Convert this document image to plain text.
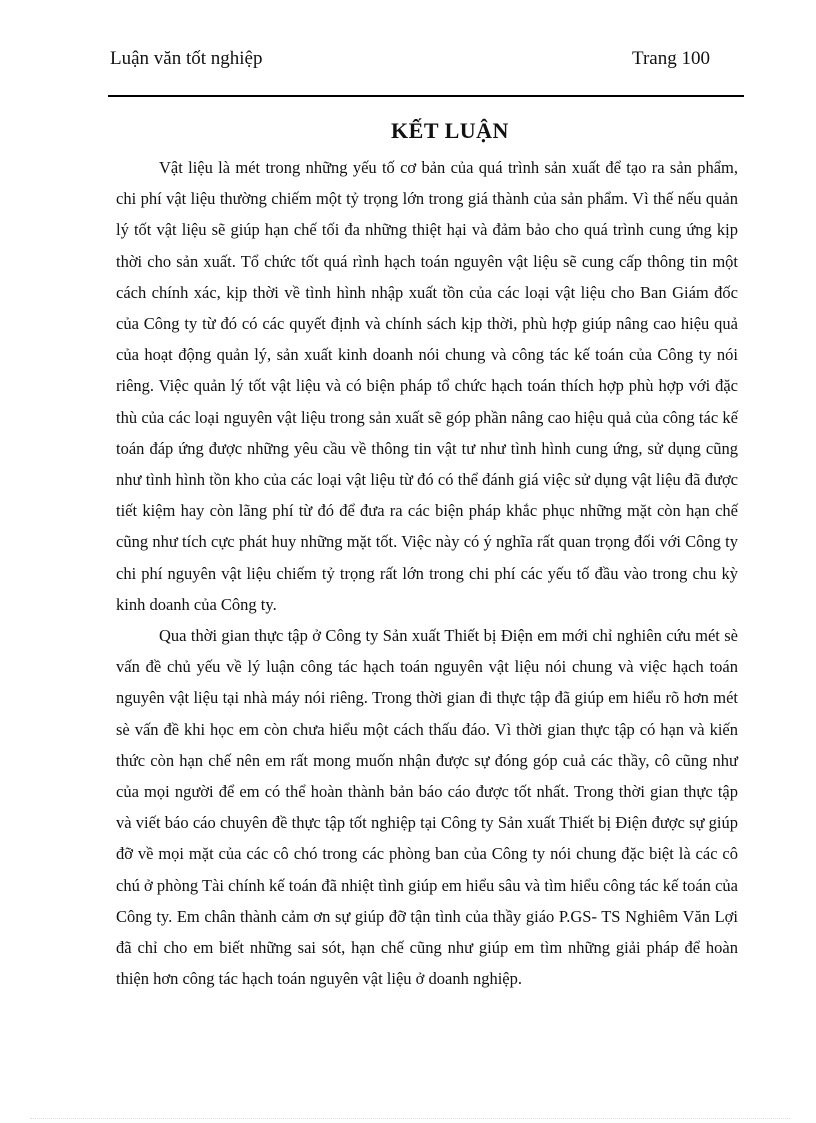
Luận văn tốt nghiệp	Trang 100
KẾT LUẬN

Vật liệu là mét trong những yếu tố cơ bản của quá trình sản xuất để tạo ra sản phẩm, chi phí vật liệu thường chiếm một tỷ trọng lớn trong giá thành của sản phẩm. Vì thế nếu quản lý tốt vật liệu sẽ giúp hạn chế tối đa những thiệt hại và đảm bảo cho quá trình cung ứng kịp thời cho sản xuất. Tổ chức tốt quá rình hạch toán nguyên vật liệu sẽ cung cấp thông tin một cách chính xác, kịp thời về tình hình nhập xuất tồn của các loại vật liệu cho Ban Giám đốc của Công ty từ đó có các quyết định và chính sách kịp thời, phù hợp giúp nâng cao hiệu quả của hoạt động quản lý, sản xuất kinh doanh nói chung và công tác kế toán của Công ty nói riêng. Việc quản lý tốt vật liệu và có biện pháp tổ chức hạch toán thích hợp phù hợp với đặc thù của các loại nguyên vật liệu trong sản xuất sẽ góp phần nâng cao hiệu quả của công tác kế toán đáp ứng được những yêu cầu về thông tin vật tư như tình hình cung ứng, sử dụng cũng như tình hình tồn kho của các loại vật liệu từ đó có thể đánh giá việc sử dụng vật liệu đã được tiết kiệm hay còn lãng phí từ đó để đưa ra các biện pháp khắc phục những mặt còn hạn chế cũng như tích cực phát huy những mặt tốt. Việc này có ý nghĩa rất quan trọng đối với Công ty chi phí nguyên vật liệu chiếm tỷ trọng rất lớn trong chi phí các yếu tố đầu vào trong chu kỳ kinh doanh của Công ty.

Qua thời gian thực tập ở Công ty Sản xuất Thiết bị Điện em mới chỉ nghiên cứu mét sè vấn đề chủ yếu về lý luận công tác hạch toán nguyên vật liệu nói chung và việc hạch toán nguyên vật liệu tại nhà máy nói riêng. Trong thời gian đi thực tập đã giúp em hiểu rõ hơn mét sè vấn đề khi học em còn chưa hiểu một cách thấu đáo. Vì thời gian thực tập có hạn và kiến thức còn hạn chế nên em rất mong muốn nhận được sự đóng góp cuả các thầy, cô cũng như của mọi người để em có thể hoàn thành bản báo cáo được tốt nhất. Trong thời gian thực tập và viết báo cáo chuyên đề thực tập tốt nghiệp tại Công ty Sản xuất Thiết bị Điện được sự giúp đỡ về mọi mặt của các cô chó trong các phòng ban của Công ty nói chung đặc biệt là các cô chú ở phòng Tài chính kế toán đã nhiệt tình giúp em hiểu sâu và tìm hiểu công tác kế toán của Công ty. Em chân thành cảm ơn sự giúp đỡ tận tình của thầy giáo P.GS- TS Nghiêm Văn Lợi đã chỉ cho em biết những sai sót, hạn chế cũng như giúp em tìm những giải pháp để hoàn thiện hơn công tác hạch toán nguyên vật liệu ở doanh nghiệp.
